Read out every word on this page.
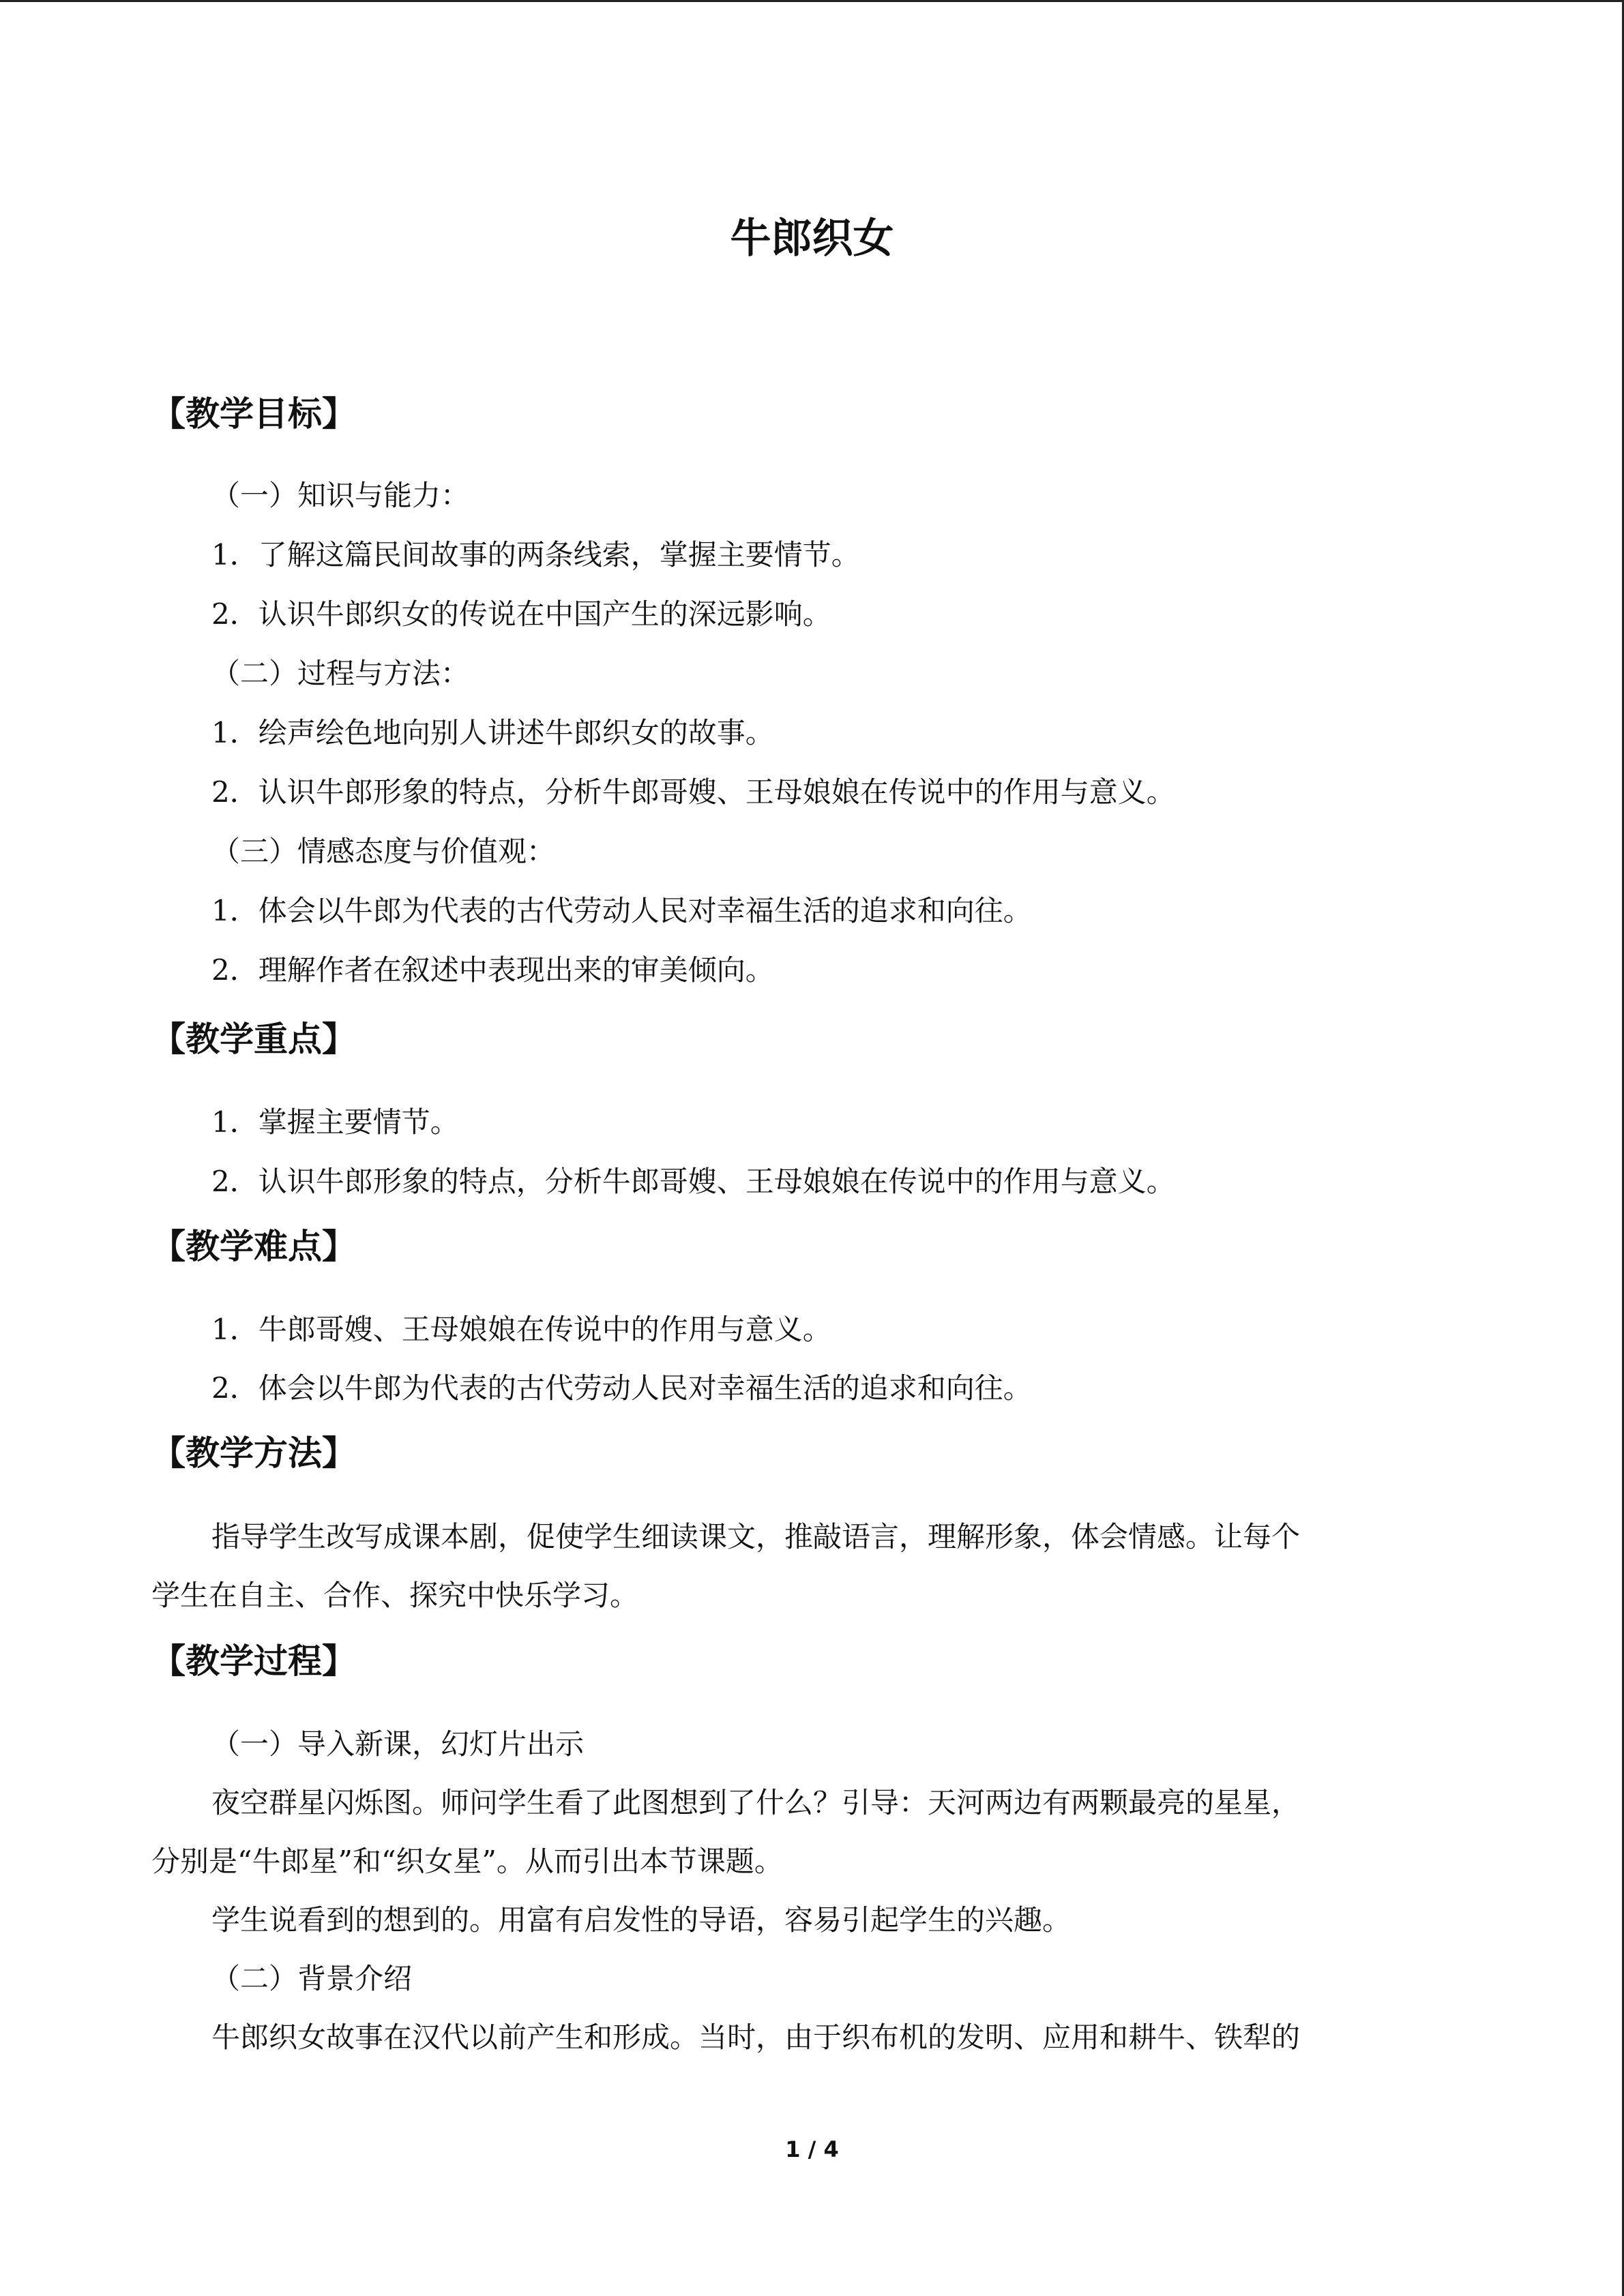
牛郎织女
【教学目标】
（一）知识与能力：
1．了解这篇民间故事的两条线索，掌握主要情节。
2．认识牛郎织女的传说在中国产生的深远影响。
（二）过程与方法：
1．绘声绘色地向别人讲述牛郎织女的故事。
2．认识牛郎形象的特点，分析牛郎哥嫂、王母娘娘在传说中的作用与意义。
（三）情感态度与价值观：
1．体会以牛郎为代表的古代劳动人民对幸福生活的追求和向往。
2．理解作者在叙述中表现出来的审美倾向。
【教学重点】
1．掌握主要情节。
2．认识牛郎形象的特点，分析牛郎哥嫂、王母娘娘在传说中的作用与意义。
【教学难点】
1．牛郎哥嫂、王母娘娘在传说中的作用与意义。
2．体会以牛郎为代表的古代劳动人民对幸福生活的追求和向往。
【教学方法】
指导学生改写成课本剧，促使学生细读课文，推敲语言，理解形象，体会情感。让每个
学生在自主、合作、探究中快乐学习。
【教学过程】
（一）导入新课，幻灯片出示
夜空群星闪烁图。师问学生看了此图想到了什么？引导：天河两边有两颗最亮的星星，
分别是“牛郎星”和“织女星”。从而引出本节课题。
学生说看到的想到的。用富有启发性的导语，容易引起学生的兴趣。
（二）背景介绍
牛郎织女故事在汉代以前产生和形成。当时，由于织布机的发明、应用和耕牛、铁犁的
1 / 4
